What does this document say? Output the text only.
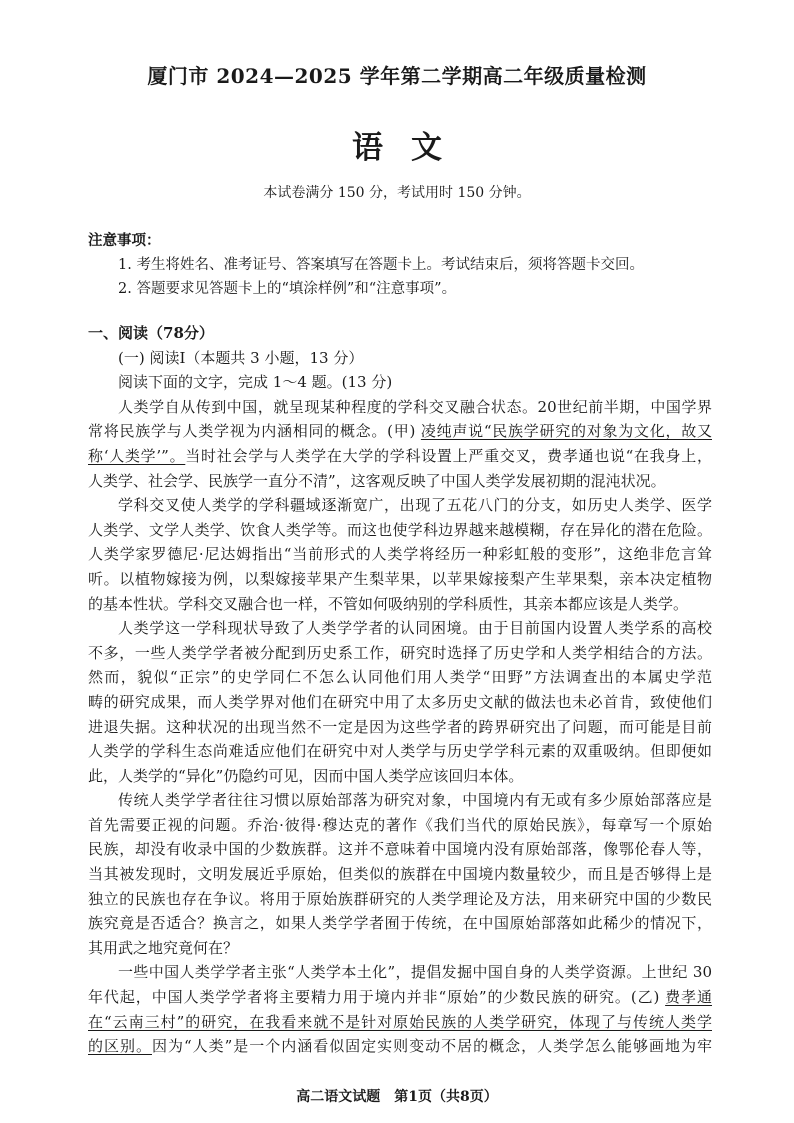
厦门市 2024—2025 学年第二学期高二年级质量检测
语文
本试卷满分 150 分，考试用时 150 分钟。
注意事项：
1. 考生将姓名、准考证号、答案填写在答题卡上。考试结束后，须将答题卡交回。
2. 答题要求见答题卡上的“填涂样例”和“注意事项”。
一、阅读（78分）
(一) 阅读Ⅰ（本题共 3 小题，13 分）
阅读下面的文字，完成 1～4 题。(13 分)
人类学自从传到中国，就呈现某种程度的学科交叉融合状态。20世纪前半期，中国学界
常将民族学与人类学视为内涵相同的概念。(甲) 凌纯声说“民族学研究的对象为文化，故又
称‘人类学’”。当时社会学与人类学在大学的学科设置上严重交叉，费孝通也说“在我身上，
人类学、社会学、民族学一直分不清”，这客观反映了中国人类学发展初期的混沌状况。
学科交叉使人类学的学科疆域逐渐宽广，出现了五花八门的分支，如历史人类学、医学
人类学、文学人类学、饮食人类学等。而这也使学科边界越来越模糊，存在异化的潜在危险。
人类学家罗德尼·尼达姆指出“当前形式的人类学将经历一种彩虹般的变形”，这绝非危言耸
听。以植物嫁接为例，以梨嫁接苹果产生梨苹果，以苹果嫁接梨产生苹果梨，亲本决定植物
的基本性状。学科交叉融合也一样，不管如何吸纳别的学科质性，其亲本都应该是人类学。
人类学这一学科现状导致了人类学学者的认同困境。由于目前国内设置人类学系的高校
不多，一些人类学学者被分配到历史系工作，研究时选择了历史学和人类学相结合的方法。
然而，貌似“正宗”的史学同仁不怎么认同他们用人类学“田野”方法调查出的本属史学范
畴的研究成果，而人类学界对他们在研究中用了太多历史文献的做法也未必首肯，致使他们
进退失据。这种状况的出现当然不一定是因为这些学者的跨界研究出了问题，而可能是目前
人类学的学科生态尚难适应他们在研究中对人类学与历史学学科元素的双重吸纳。但即便如
此，人类学的“异化”仍隐约可见，因而中国人类学应该回归本体。
传统人类学学者往往习惯以原始部落为研究对象，中国境内有无或有多少原始部落应是
首先需要正视的问题。乔治·彼得·穆达克的著作《我们当代的原始民族》，每章写一个原始
民族，却没有收录中国的少数族群。这并不意味着中国境内没有原始部落，像鄂伦春人等，
当其被发现时，文明发展近乎原始，但类似的族群在中国境内数量较少，而且是否够得上是
独立的民族也存在争议。将用于原始族群研究的人类学理论及方法，用来研究中国的少数民
族究竟是否适合？换言之，如果人类学学者囿于传统，在中国原始部落如此稀少的情况下，
其用武之地究竟何在？
一些中国人类学学者主张“人类学本土化”，提倡发掘中国自身的人类学资源。上世纪 30
年代起，中国人类学学者将主要精力用于境内并非“原始”的少数民族的研究。(乙) 费孝通
在“云南三村”的研究，在我看来就不是针对原始民族的人类学研究，体现了与传统人类学
的区别。因为“人类”是一个内涵看似固定实则变动不居的概念，人类学怎么能够画地为牢
高二语文试题　第1页（共8页）
